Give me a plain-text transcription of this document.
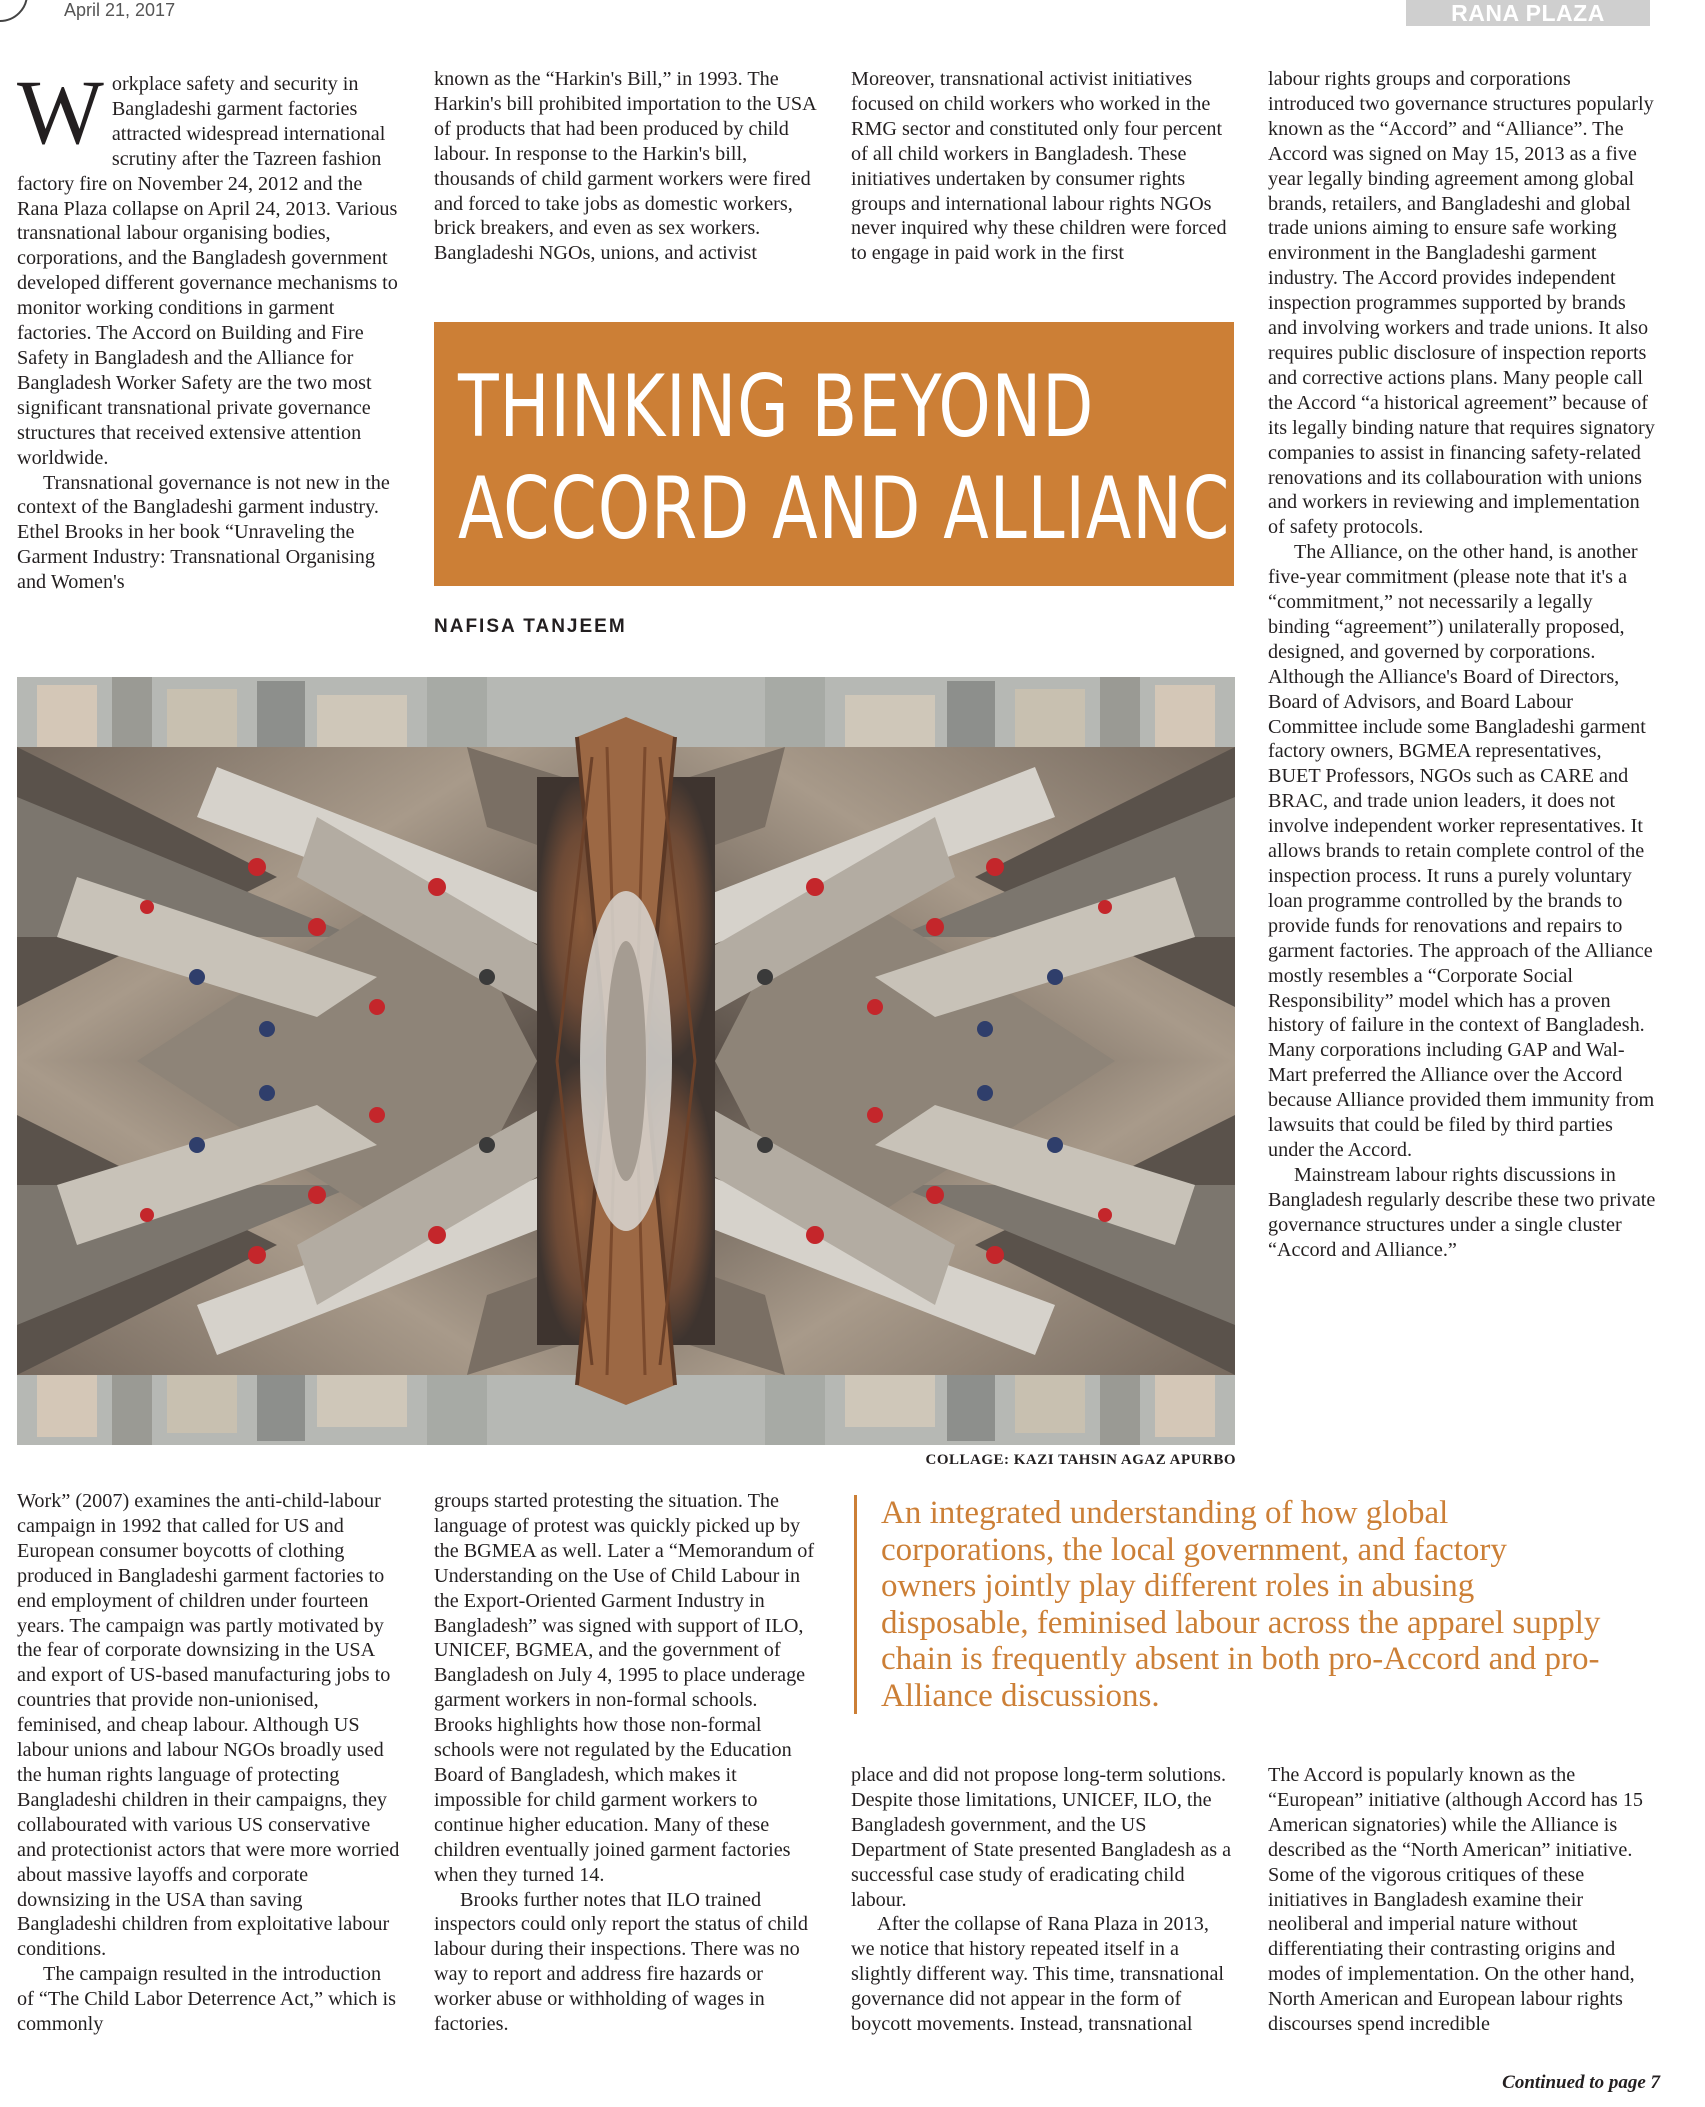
April 21, 2017	RANA PLAZA SPECIAL

Workplace safety and security in Bangladeshi garment factories attracted widespread international scrutiny after the Tazreen fashion factory fire on November 24, 2012 and the Rana Plaza collapse on April 24, 2013. Various transnational labour organising bodies, corporations, and the Bangladesh government developed different governance mechanisms to monitor working conditions in garment factories. The Accord on Building and Fire Safety in Bangladesh and the Alliance for Bangladesh Worker Safety are the two most significant transnational private governance structures that received extensive attention worldwide.

Transnational governance is not new in the context of the Bangladeshi garment industry. Ethel Brooks in her book “Unraveling the Garment Industry: Transnational Organising and Women's

known as the “Harkin's Bill,” in 1993. The Harkin's bill prohibited importation to the USA of products that had been produced by child labour. In response to the Harkin's bill, thousands of child garment workers were fired and forced to take jobs as domestic workers, brick breakers, and even as sex workers. Bangladeshi NGOs, unions, and activist

Moreover, transnational activist initiatives focused on child workers who worked in the RMG sector and constituted only four percent of all child workers in Bangladesh. These initiatives undertaken by consumer rights groups and international labour rights NGOs never inquired why these children were forced to engage in paid work in the first

labour rights groups and corporations introduced two governance structures popularly known as the “Accord” and “Alliance”. The Accord was signed on May 15, 2013 as a five year legally binding agreement among global brands, retailers, and Bangladeshi and global trade unions aiming to ensure safe working environment in the Bangladeshi garment industry. The Accord provides independent inspection programmes supported by brands and involving workers and trade unions. It also requires public disclosure of inspection reports and corrective actions plans. Many people call the Accord “a historical agreement” because of its legally binding nature that requires signatory companies to assist in financing safety-related renovations and its collabouration with unions and workers in reviewing and implementation of safety protocols.

The Alliance, on the other hand, is another five-year commitment (please note that it's a “commitment,” not necessarily a legally binding “agreement”) unilaterally proposed, designed, and governed by corporations. Although the Alliance's Board of Directors, Board of Advisors, and Board Labour Committee include some Bangladeshi garment factory owners, BGMEA representatives, BUET Professors, NGOs such as CARE and BRAC, and trade union leaders, it does not involve independent worker representatives. It allows brands to retain complete control of the inspection process. It runs a purely voluntary loan programme controlled by the brands to provide funds for renovations and repairs to garment factories. The approach of the Alliance mostly resembles a “Corporate Social Responsibility” model which has a proven history of failure in the context of Bangladesh. Many corporations including GAP and Wal-Mart preferred the Alliance over the Accord because Alliance provided them immunity from lawsuits that could be filed by third parties under the Accord.

Mainstream labour rights discussions in Bangladesh regularly describe these two private governance structures under a single cluster “Accord and Alliance.”

THINKING BEYOND
ACCORD AND ALLIANCE
NAFISA TANJEEM
COLLAGE: KAZI TAHSIN AGAZ APURBO
An integrated understanding of how global corporations, the local government, and factory owners jointly play different roles in abusing disposable, feminised labour across the apparel supply chain is frequently absent in both pro-Accord and pro-Alliance discussions.

Work” (2007) examines the anti-child-labour campaign in 1992 that called for US and European consumer boycotts of clothing produced in Bangladeshi garment factories to end employment of children under fourteen years. The campaign was partly motivated by the fear of corporate downsizing in the USA and export of US-based manufacturing jobs to countries that provide non-unionised, feminised, and cheap labour. Although US labour unions and labour NGOs broadly used the human rights language of protecting Bangladeshi children in their campaigns, they collabourated with various US conservative and protectionist actors that were more worried about massive layoffs and corporate downsizing in the USA than saving Bangladeshi children from exploitative labour conditions.

The campaign resulted in the introduction of “The Child Labor Deterrence Act,” which is commonly

groups started protesting the situation. The language of protest was quickly picked up by the BGMEA as well. Later a “Memorandum of Understanding on the Use of Child Labour in the Export-Oriented Garment Industry in Bangladesh” was signed with support of ILO, UNICEF, BGMEA, and the government of Bangladesh on July 4, 1995 to place underage garment workers in non-formal schools. Brooks highlights how those non-formal schools were not regulated by the Education Board of Bangladesh, which makes it impossible for child garment workers to continue higher education. Many of these children eventually joined garment factories when they turned 14.

Brooks further notes that ILO trained inspectors could only report the status of child labour during their inspections. There was no way to report and address fire hazards or worker abuse or withholding of wages in factories.

place and did not propose long-term solutions. Despite those limitations, UNICEF, ILO, the Bangladesh government, and the US Department of State presented Bangladesh as a successful case study of eradicating child labour.

After the collapse of Rana Plaza in 2013, we notice that history repeated itself in a slightly different way. This time, transnational governance did not appear in the form of boycott movements. Instead, transnational

The Accord is popularly known as the “European” initiative (although Accord has 15 American signatories) while the Alliance is described as the “North American” initiative. Some of the vigorous critiques of these initiatives in Bangladesh examine their neoliberal and imperial nature without differentiating their contrasting origins and modes of implementation. On the other hand, North American and European labour rights discourses spend incredible

Continued to page 7
